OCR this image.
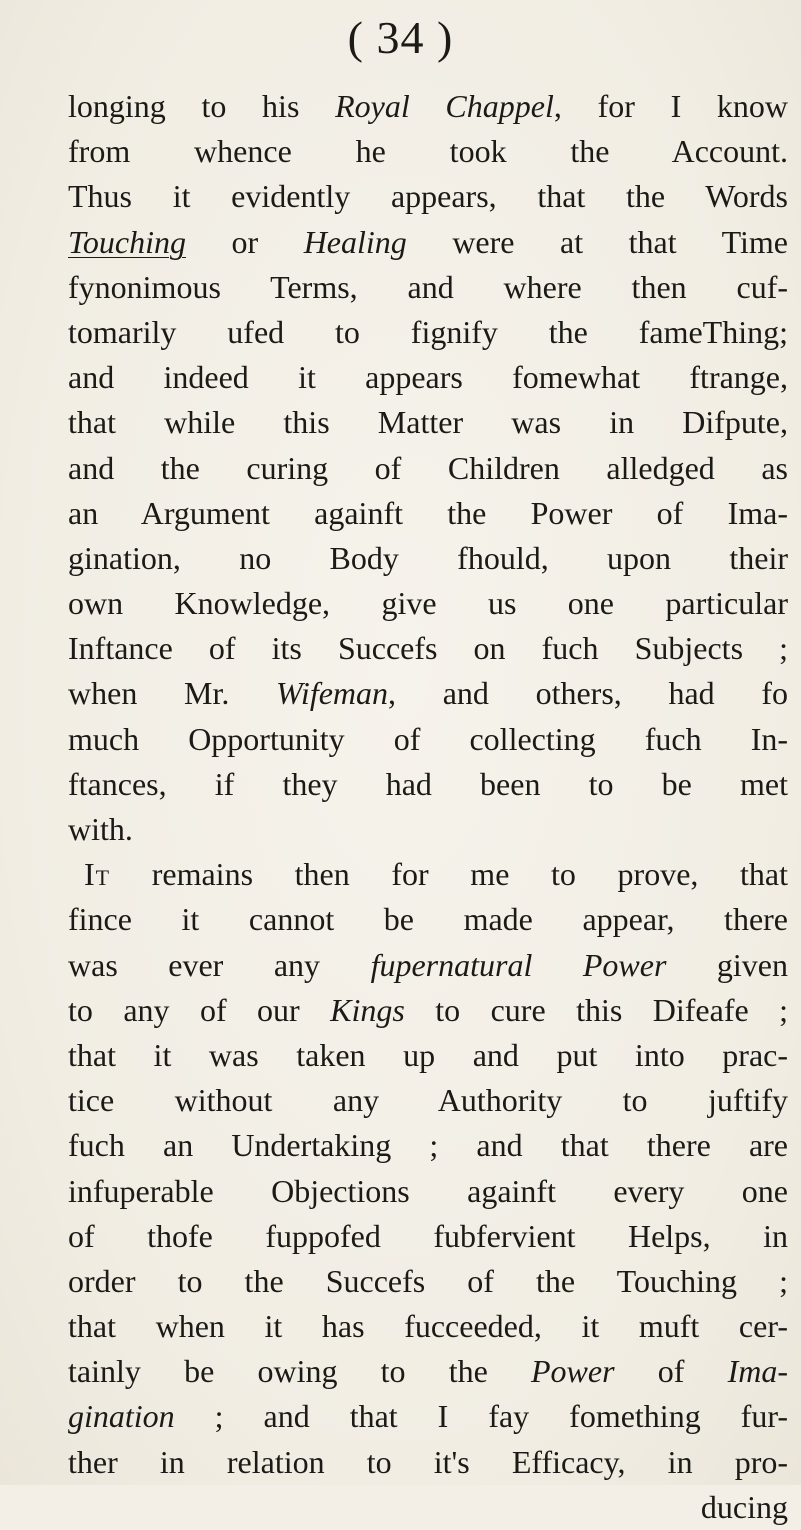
( 34 )
longing to his Royal Chappel, for I know
from whence he took the Account.
Thus it evidently appears, that the Words
Touching or Healing were at that Time
fynonimous Terms, and where then cuf-
tomarily ufed to fignify the fameThing;
and indeed it appears fomewhat ftrange,
that while this Matter was in Difpute,
and the curing of Children alledged as
an Argument againft the Power of Ima-
gination, no Body fhould, upon their
own Knowledge, give us one particular
Inftance of its Succefs on fuch Subjects ;
when Mr. Wifeman, and others, had fo
much Opportunity of collecting fuch In-
ftances, if they had been to be met
with.
It remains then for me to prove, that
fince it cannot be made appear, there
was ever any fupernatural Power given
to any of our Kings to cure this Difeafe ;
that it was taken up and put into prac-
tice without any Authority to juftify
fuch an Undertaking ; and that there are
infuperable Objections againft every one
of thofe fuppofed fubfervient Helps, in
order to the Succefs of the Touching ;
that when it has fucceeded, it muft cer-
tainly be owing to the Power of Ima-
gination ; and that I fay fomething fur-
ther in relation to it's Efficacy, in pro-
ducing
